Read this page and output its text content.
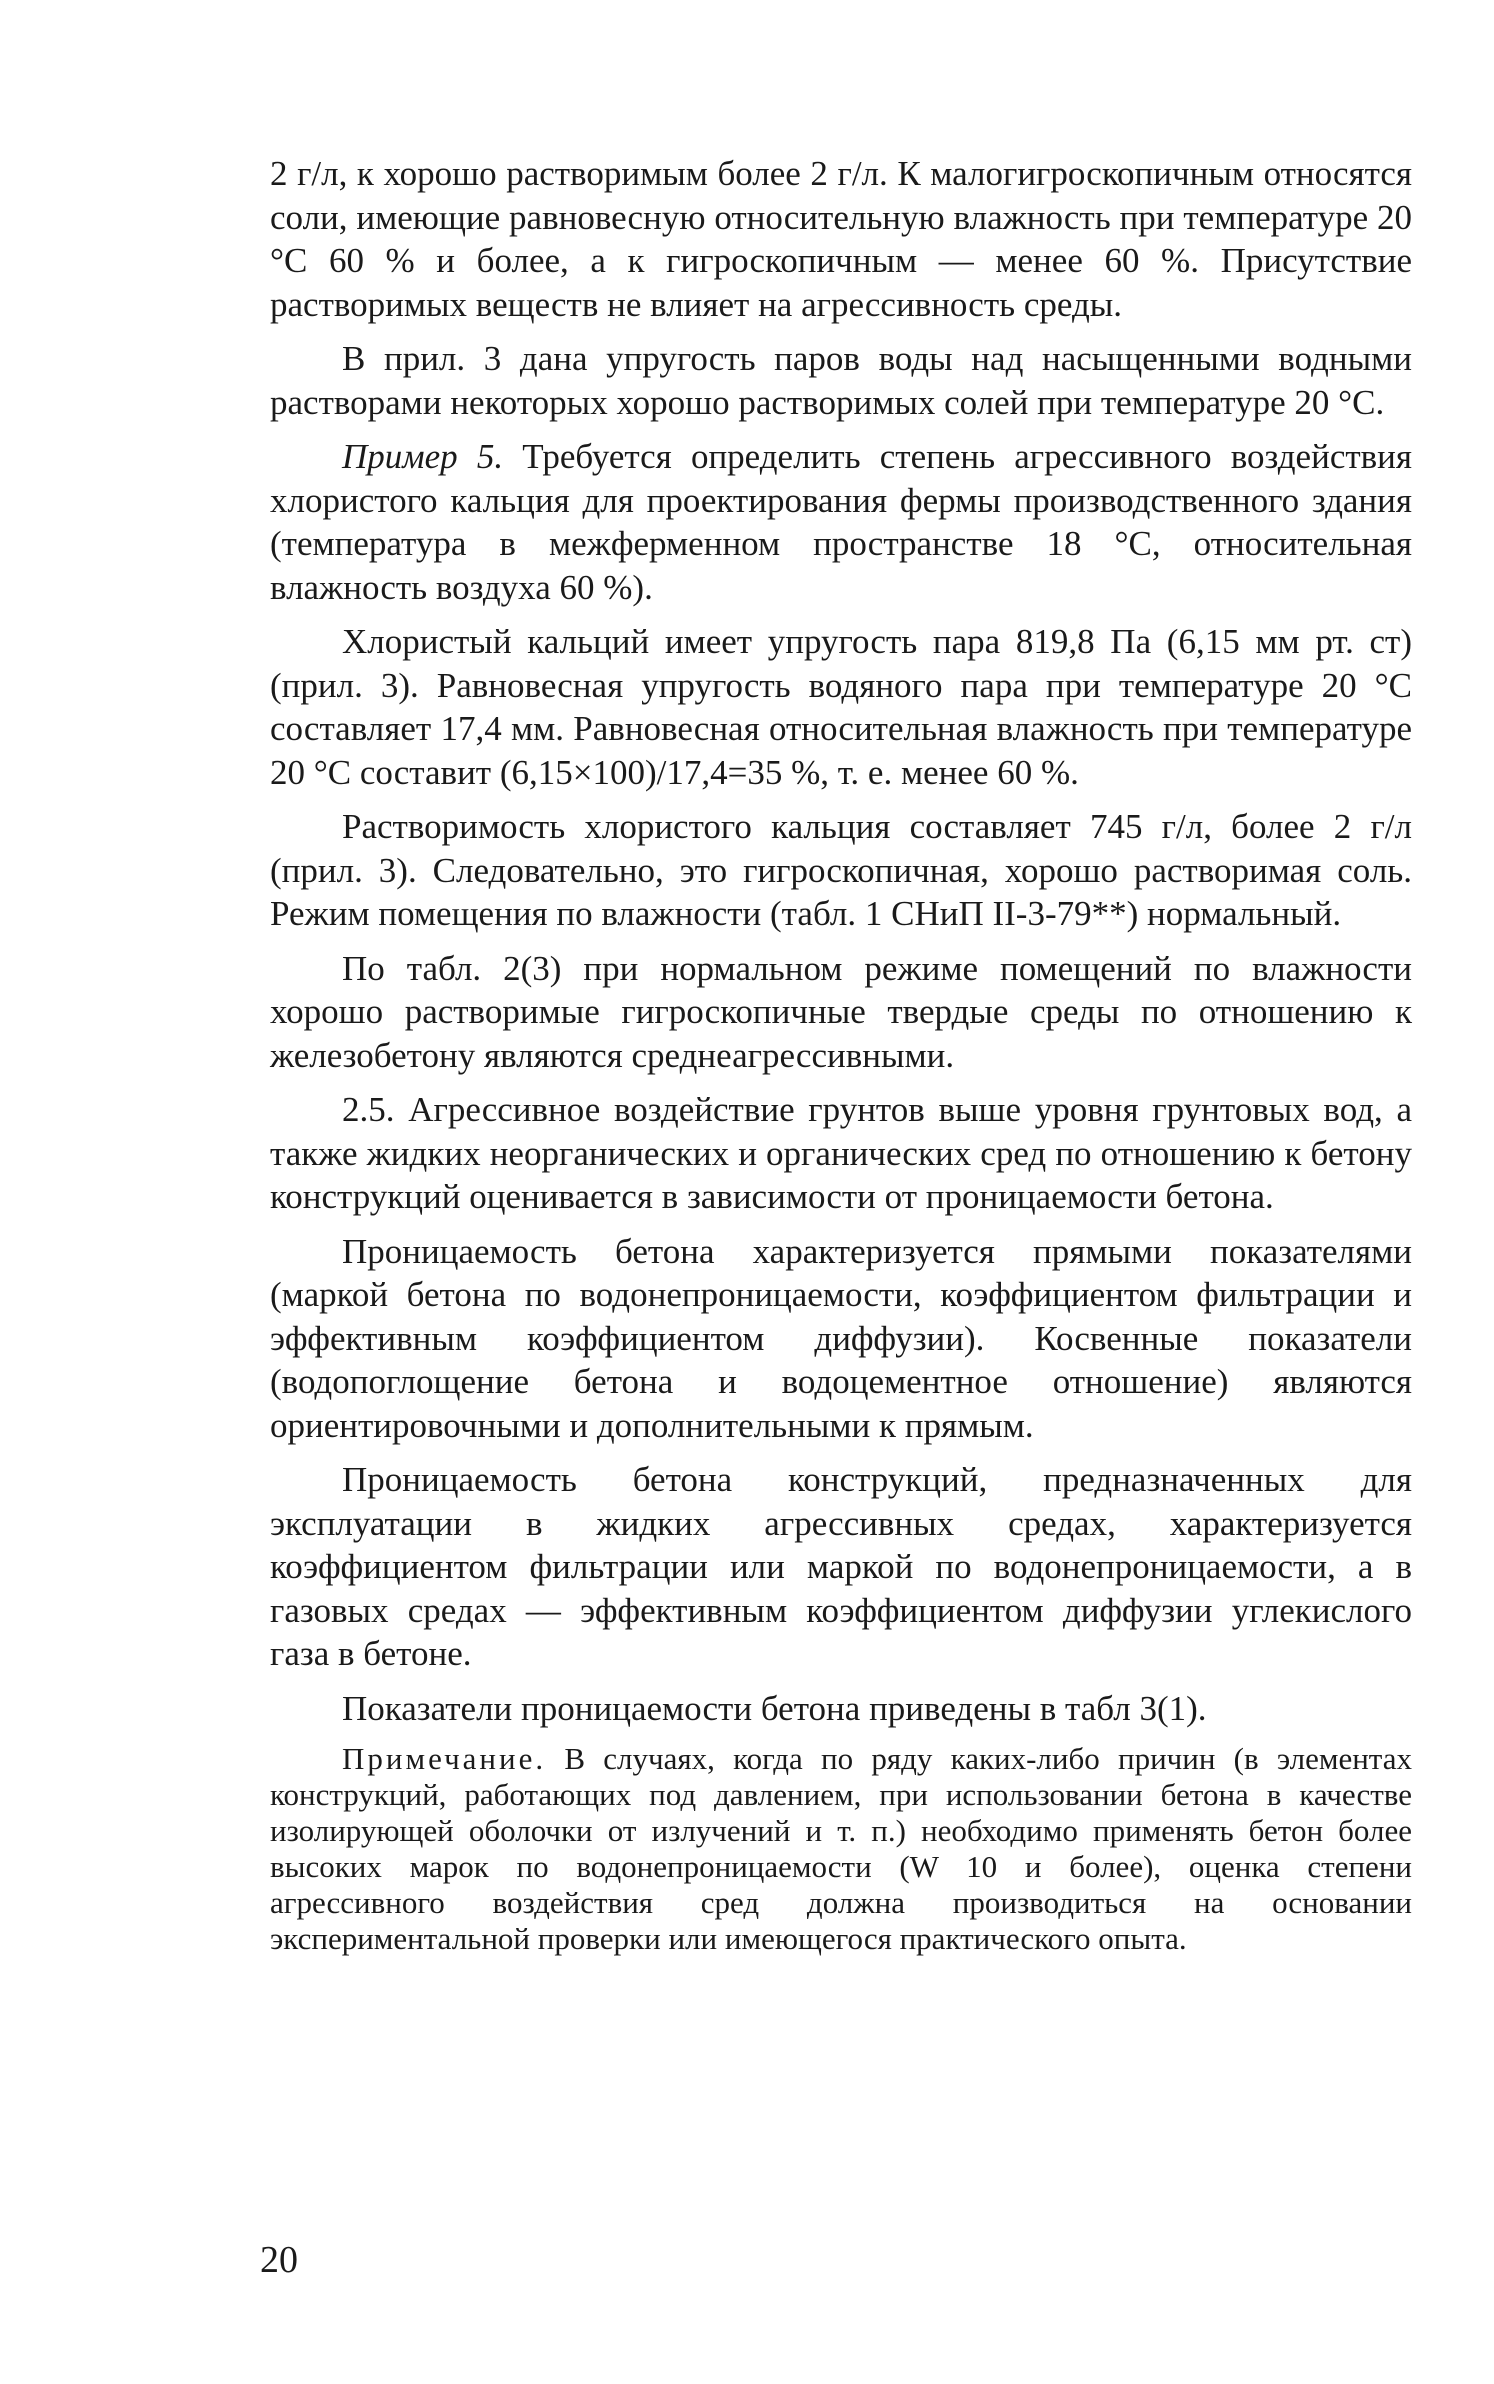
2 г/л, к хорошо растворимым более 2 г/л. К малогигроскопичным относятся соли, имеющие равновесную относительную влажность при температуре 20 °С 60 % и более, а к гигроскопичным — менее 60 %. Присутствие растворимых веществ не влияет на агрессивность среды.

В прил. 3 дана упругость паров воды над насыщенными водными растворами некоторых хорошо растворимых солей при температуре 20 °С.

Пример 5. Требуется определить степень агрессивного воздействия хлористого кальция для проектирования фермы производственного здания (температура в межферменном пространстве 18 °С, относительная влажность воздуха 60 %).

Хлористый кальций имеет упругость пара 819,8 Па (6,15 мм рт. ст) (прил. 3). Равновесная упругость водяного пара при температуре 20 °С составляет 17,4 мм. Равновесная относительная влажность при температуре 20 °С составит (6,15×100)/17,4=35 %, т. е. менее 60 %.

Растворимость хлористого кальция составляет 745 г/л, более 2 г/л (прил. 3). Следовательно, это гигроскопичная, хорошо растворимая соль. Режим помещения по влажности (табл. 1 СНиП II-3-79**) нормальный.

По табл. 2(3) при нормальном режиме помещений по влажности хорошо растворимые гигроскопичные твердые среды по отношению к железобетону являются среднеагрессивными.

2.5. Агрессивное воздействие грунтов выше уровня грунтовых вод, а также жидких неорганических и органических сред по отношению к бетону конструкций оценивается в зависимости от проницаемости бетона.

Проницаемость бетона характеризуется прямыми показателями (маркой бетона по водонепроницаемости, коэффициентом фильтрации и эффективным коэффициентом диффузии). Косвенные показатели (водопоглощение бетона и водоцементное отношение) являются ориентировочными и дополнительными к прямым.

Проницаемость бетона конструкций, предназначенных для эксплуатации в жидких агрессивных средах, характеризуется коэффициентом фильтрации или маркой по водонепроницаемости, а в газовых средах — эффективным коэффициентом диффузии углекислого газа в бетоне.

Показатели проницаемости бетона приведены в табл 3(1).

Примечание. В случаях, когда по ряду каких-либо причин (в элементах конструкций, работающих под давлением, при использовании бетона в качестве изолирующей оболочки от излучений и т. п.) необходимо применять бетон более высоких марок по водонепроницаемости (W 10 и более), оценка степени агрессивного воздействия сред должна производиться на основании экспериментальной проверки или имеющегося практического опыта.

20
